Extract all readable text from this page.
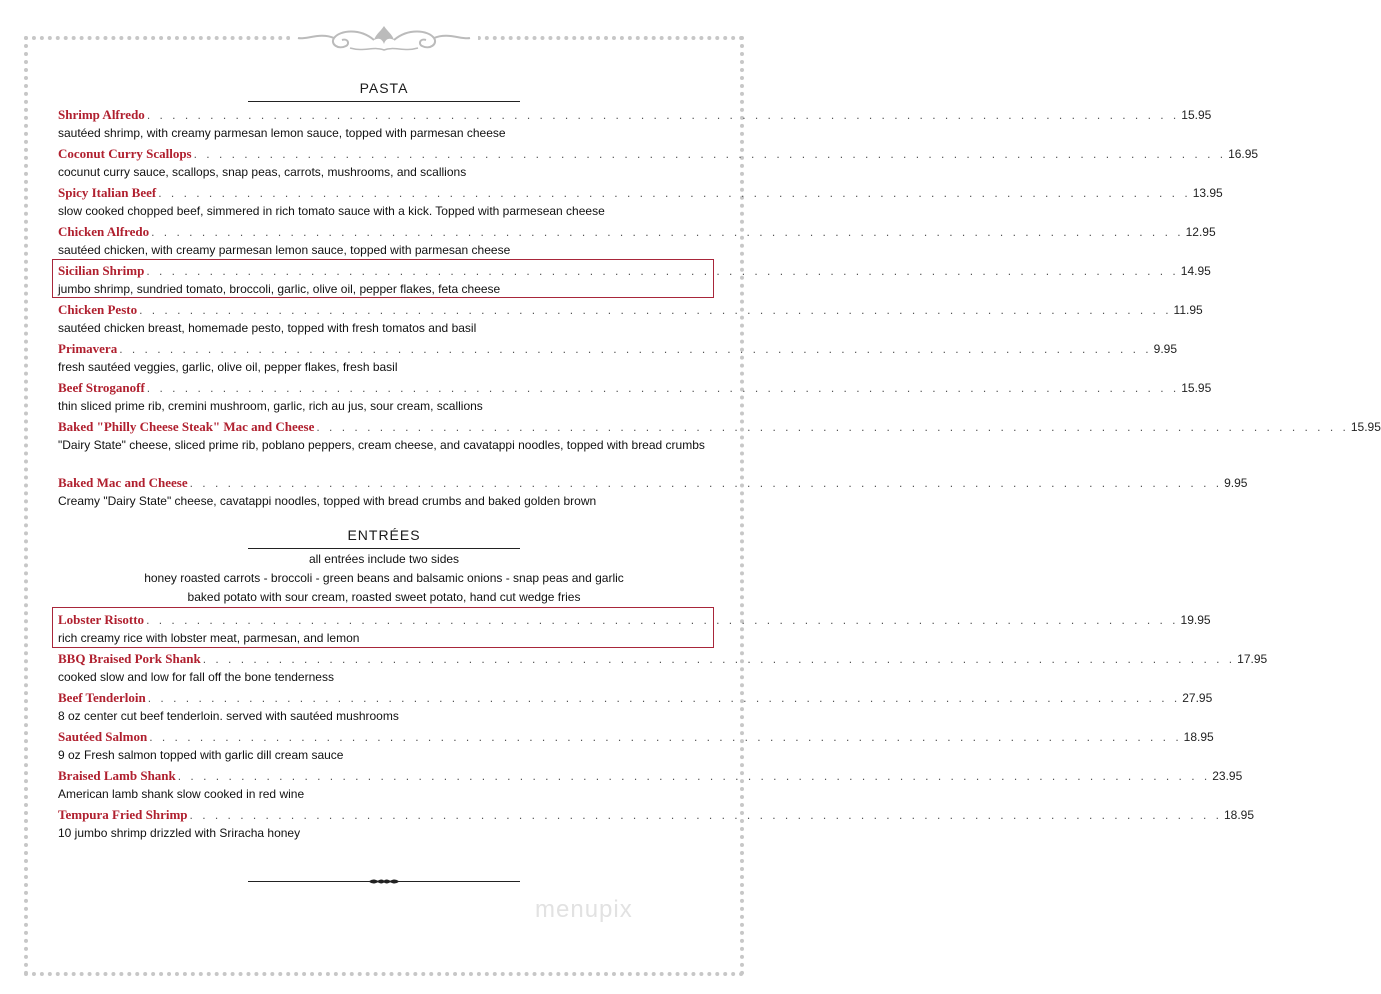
PASTA
Shrimp Alfredo . . . . . . . . . . . . . . . . . . . . . . . . . . . . . . . . . . . . . . . . . . . . . . . . . . . . . . . . . . . . . . . . . . . . . . . . . . . . . . . . . . 15.95
sautéed shrimp, with creamy parmesan lemon sauce, topped with parmesan cheese
Coconut Curry Scallops . . . . . . . . . . . . . . . . . . . . . . . . . . . . . . . . . . . . . . . . . . . . . . . . . . . . . . . . . . . . . . . . . . . . . . . . . . . . . . . . . . 16.95
cocunut curry sauce, scallops, snap peas, carrots, mushrooms, and scallions
Spicy Italian Beef . . . . . . . . . . . . . . . . . . . . . . . . . . . . . . . . . . . . . . . . . . . . . . . . . . . . . . . . . . . . . . . . . . . . . . . . . . . . . . . . . . 13.95
slow cooked chopped beef, simmered in rich tomato sauce with a kick. Topped with parmesean cheese
Chicken Alfredo . . . . . . . . . . . . . . . . . . . . . . . . . . . . . . . . . . . . . . . . . . . . . . . . . . . . . . . . . . . . . . . . . . . . . . . . . . . . . . . . . . 12.95
sautéed chicken, with creamy parmesan lemon sauce, topped with parmesan cheese
Sicilian Shrimp . . . . . . . . . . . . . . . . . . . . . . . . . . . . . . . . . . . . . . . . . . . . . . . . . . . . . . . . . . . . . . . . . . . . . . . . . . . . . . . . . . 14.95
jumbo shrimp, sundried tomato, broccoli, garlic, olive oil, pepper flakes, feta cheese
Chicken Pesto . . . . . . . . . . . . . . . . . . . . . . . . . . . . . . . . . . . . . . . . . . . . . . . . . . . . . . . . . . . . . . . . . . . . . . . . . . . . . . . . . . 11.95
sautéed chicken breast, homemade pesto, topped with fresh tomatos and basil
Primavera . . . . . . . . . . . . . . . . . . . . . . . . . . . . . . . . . . . . . . . . . . . . . . . . . . . . . . . . . . . . . . . . . . . . . . . . . . . . . . . . . . 9.95
fresh sautéed veggies, garlic, olive oil, pepper flakes, fresh basil
Beef Stroganoff . . . . . . . . . . . . . . . . . . . . . . . . . . . . . . . . . . . . . . . . . . . . . . . . . . . . . . . . . . . . . . . . . . . . . . . . . . . . . . . . . . 15.95
thin sliced prime rib, cremini mushroom, garlic, rich au jus, sour cream, scallions
Baked "Philly Cheese Steak" Mac and Cheese . . . . . . . . . . . . . . . . . . . . . . . . . . . . . . . . . . . . . . . . . . . . . . . . . . . . . . . . . . . . . . . . . . . . . . . . . . . . . . . . . . 15.95
"Dairy State" cheese, sliced prime rib, poblano peppers, cream cheese, and cavatappi noodles, topped with bread crumbs
Baked Mac and Cheese . . . . . . . . . . . . . . . . . . . . . . . . . . . . . . . . . . . . . . . . . . . . . . . . . . . . . . . . . . . . . . . . . . . . . . . . . . . . . . . . . . 9.95
Creamy "Dairy State" cheese, cavatappi noodles, topped with bread crumbs and baked golden brown
ENTRÉES
all entrées include two sides
honey roasted carrots - broccoli - green beans and balsamic onions - snap peas and garlic
baked potato with sour cream, roasted sweet potato, hand cut wedge fries
Lobster Risotto . . . . . . . . . . . . . . . . . . . . . . . . . . . . . . . . . . . . . . . . . . . . . . . . . . . . . . . . . . . . . . . . . . . . . . . . . . . . . . . . . . 19.95
rich creamy rice with lobster meat, parmesan, and lemon
BBQ Braised Pork Shank . . . . . . . . . . . . . . . . . . . . . . . . . . . . . . . . . . . . . . . . . . . . . . . . . . . . . . . . . . . . . . . . . . . . . . . . . . . . . . . . . . 17.95
cooked slow and low for fall off the bone tenderness
Beef Tenderloin . . . . . . . . . . . . . . . . . . . . . . . . . . . . . . . . . . . . . . . . . . . . . . . . . . . . . . . . . . . . . . . . . . . . . . . . . . . . . . . . . . 27.95
8 oz center cut beef tenderloin. served with sautéed mushrooms
Sautéed Salmon . . . . . . . . . . . . . . . . . . . . . . . . . . . . . . . . . . . . . . . . . . . . . . . . . . . . . . . . . . . . . . . . . . . . . . . . . . . . . . . . . . 18.95
9 oz Fresh salmon topped with garlic dill cream sauce
Braised Lamb Shank . . . . . . . . . . . . . . . . . . . . . . . . . . . . . . . . . . . . . . . . . . . . . . . . . . . . . . . . . . . . . . . . . . . . . . . . . . . . . . . . . . 23.95
American lamb shank slow cooked in red wine
Tempura Fried Shrimp . . . . . . . . . . . . . . . . . . . . . . . . . . . . . . . . . . . . . . . . . . . . . . . . . . . . . . . . . . . . . . . . . . . . . . . . . . . . . . . . . . 18.95
10 jumbo shrimp drizzled with Sriracha honey
menupix
